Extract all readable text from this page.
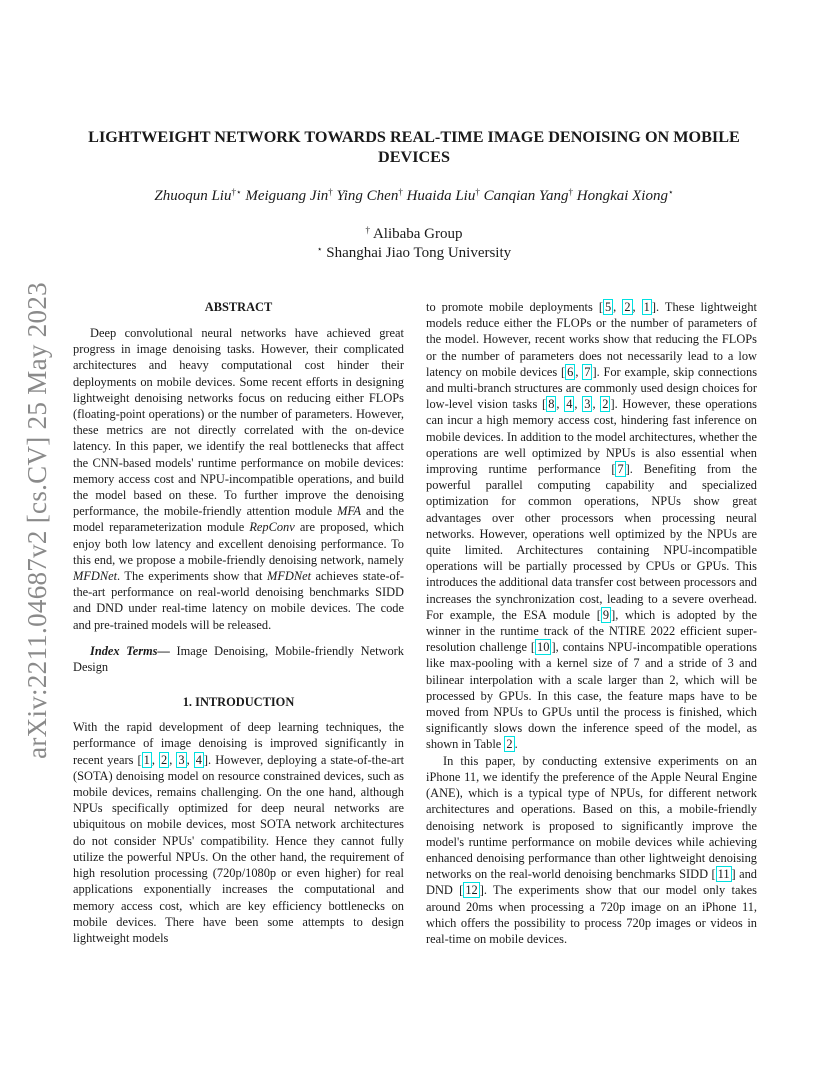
arXiv:2211.04687v2 [cs.CV] 25 May 2023
LIGHTWEIGHT NETWORK TOWARDS REAL-TIME IMAGE DENOISING ON MOBILE
DEVICES
Zhuoqun Liu†⋆ Meiguang Jin† Ying Chen† Huaida Liu† Canqian Yang† Hongkai Xiong⋆
† Alibaba Group
⋆ Shanghai Jiao Tong University
ABSTRACT

Deep convolutional neural networks have achieved great progress in image denoising tasks. However, their complicated architectures and heavy computational cost hinder their deployments on mobile devices. Some recent efforts in designing lightweight denoising networks focus on reducing either FLOPs (floating-point operations) or the number of parameters. However, these metrics are not directly correlated with the on-device latency. In this paper, we identify the real bottlenecks that affect the CNN-based models' runtime performance on mobile devices: memory access cost and NPU-incompatible operations, and build the model based on these. To further improve the denoising performance, the mobile-friendly attention module MFA and the model reparameterization module RepConv are proposed, which enjoy both low latency and excellent denoising performance. To this end, we propose a mobile-friendly denoising network, namely MFDNet. The experiments show that MFDNet achieves state-of-the-art performance on real-world denoising benchmarks SIDD and DND under real-time latency on mobile devices. The code and pre-trained models will be released.

Index Terms— Image Denoising, Mobile-friendly Network Design

1. INTRODUCTION

With the rapid development of deep learning techniques, the performance of image denoising is improved significantly in recent years [ 1 , 2 , 3 , 4 ]. However, deploying a state-of-the-art (SOTA) denoising model on resource constrained devices, such as mobile devices, remains challenging. On the one hand, although NPUs specifically optimized for deep neural networks are ubiquitous on mobile devices, most SOTA network architectures do not consider NPUs' compatibility. Hence they cannot fully utilize the powerful NPUs. On the other hand, the requirement of high resolution processing (720p/1080p or even higher) for real applications exponentially increases the computational and memory access cost, which are key efficiency bottlenecks on mobile devices. There have been some attempts to design lightweight models

to promote mobile deployments [ 5 , 2 , 1 ]. These lightweight models reduce either the FLOPs or the number of parameters of the model. However, recent works show that reducing the FLOPs or the number of parameters does not necessarily lead to a low latency on mobile devices [ 6 , 7 ]. For example, skip connections and multi-branch structures are commonly used design choices for low-level vision tasks [ 8 , 4 , 3 , 2 ]. However, these operations can incur a high memory access cost, hindering fast inference on mobile devices. In addition to the model architectures, whether the operations are well optimized by NPUs is also essential when improving runtime performance [ 7 ]. Benefiting from the powerful parallel computing capability and specialized optimization for common operations, NPUs show great advantages over other processors when processing neural networks. However, operations well optimized by the NPUs are quite limited. Architectures containing NPU-incompatible operations will be partially processed by CPUs or GPUs. This introduces the additional data transfer cost between processors and increases the synchronization cost, leading to a severe overhead. For example, the ESA module [ 9 ], which is adopted by the winner in the runtime track of the NTIRE 2022 efficient super-resolution challenge [ 10 ], contains NPU-incompatible operations like max-pooling with a kernel size of 7 and a stride of 3 and bilinear interpolation with a scale larger than 2, which will be processed by GPUs. In this case, the feature maps have to be moved from NPUs to GPUs until the process is finished, which significantly slows down the inference speed of the model, as shown in Table 2 .

In this paper, by conducting extensive experiments on an iPhone 11, we identify the preference of the Apple Neural Engine (ANE), which is a typical type of NPUs, for different network architectures and operations. Based on this, a mobile-friendly denoising network is proposed to significantly improve the model's runtime performance on mobile devices while achieving enhanced denoising performance than other lightweight denoising networks on the real-world denoising benchmarks SIDD [ 11 ] and DND [ 12 ]. The experiments show that our model only takes around 20ms when processing a 720p image on an iPhone 11, which offers the possibility to process 720p images or videos in real-time on mobile devices.
